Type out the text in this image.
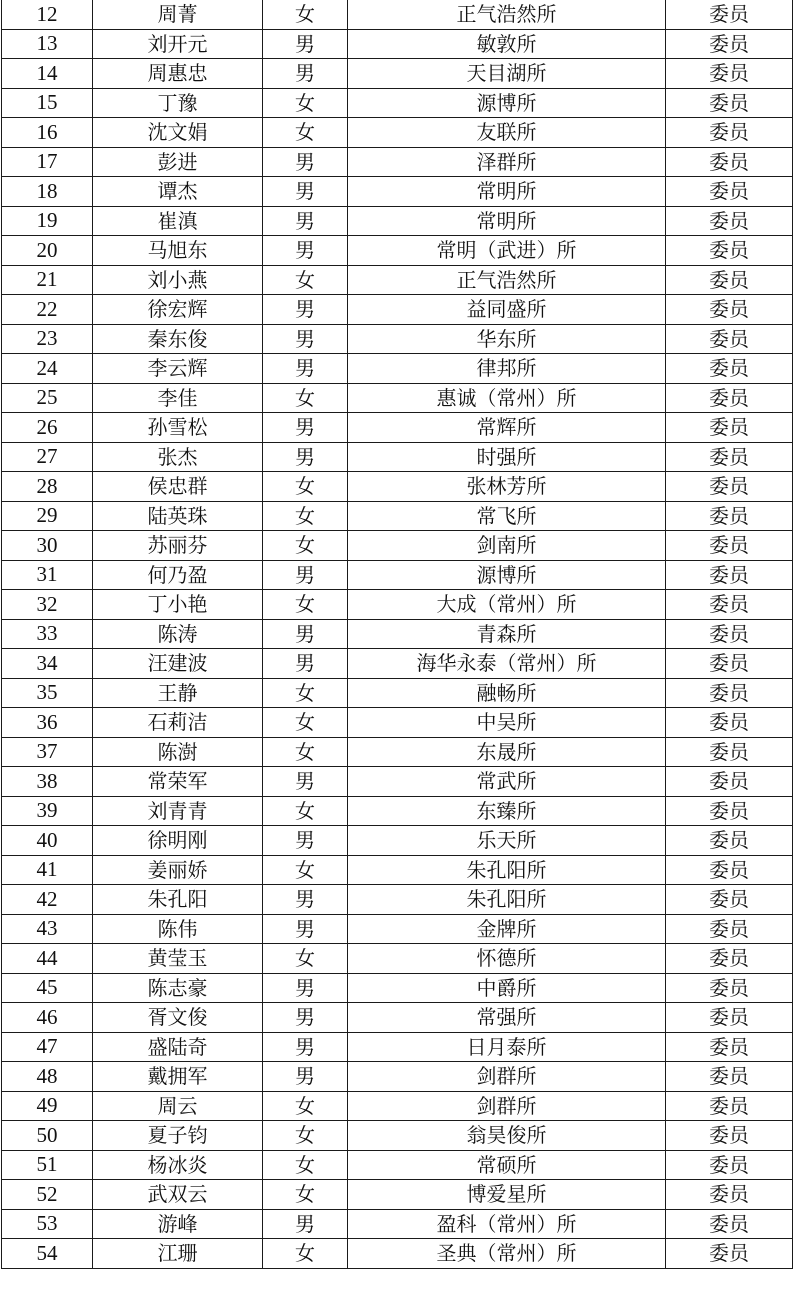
12	周菁	女	正气浩然所	委员
13	刘开元	男	敏敦所	委员
14	周惠忠	男	天目湖所	委员
15	丁豫	女	源博所	委员
16	沈文娟	女	友联所	委员
17	彭进	男	泽群所	委员
18	谭杰	男	常明所	委员
19	崔滇	男	常明所	委员
20	马旭东	男	常明（武进）所	委员
21	刘小燕	女	正气浩然所	委员
22	徐宏辉	男	益同盛所	委员
23	秦东俊	男	华东所	委员
24	李云辉	男	律邦所	委员
25	李佳	女	惠诚（常州）所	委员
26	孙雪松	男	常辉所	委员
27	张杰	男	时强所	委员
28	侯忠群	女	张林芳所	委员
29	陆英珠	女	常飞所	委员
30	苏丽芬	女	剑南所	委员
31	何乃盈	男	源博所	委员
32	丁小艳	女	大成（常州）所	委员
33	陈涛	男	青森所	委员
34	汪建波	男	海华永泰（常州）所	委员
35	王静	女	融畅所	委员
36	石莉洁	女	中吴所	委员
37	陈澍	女	东晟所	委员
38	常荣军	男	常武所	委员
39	刘青青	女	东臻所	委员
40	徐明刚	男	乐天所	委员
41	姜丽娇	女	朱孔阳所	委员
42	朱孔阳	男	朱孔阳所	委员
43	陈伟	男	金牌所	委员
44	黄莹玉	女	怀德所	委员
45	陈志豪	男	中爵所	委员
46	胥文俊	男	常强所	委员
47	盛陆奇	男	日月泰所	委员
48	戴拥军	男	剑群所	委员
49	周云	女	剑群所	委员
50	夏子钧	女	翁昊俊所	委员
51	杨冰炎	女	常硕所	委员
52	武双云	女	博爱星所	委员
53	游峰	男	盈科（常州）所	委员
54	江珊	女	圣典（常州）所	委员
